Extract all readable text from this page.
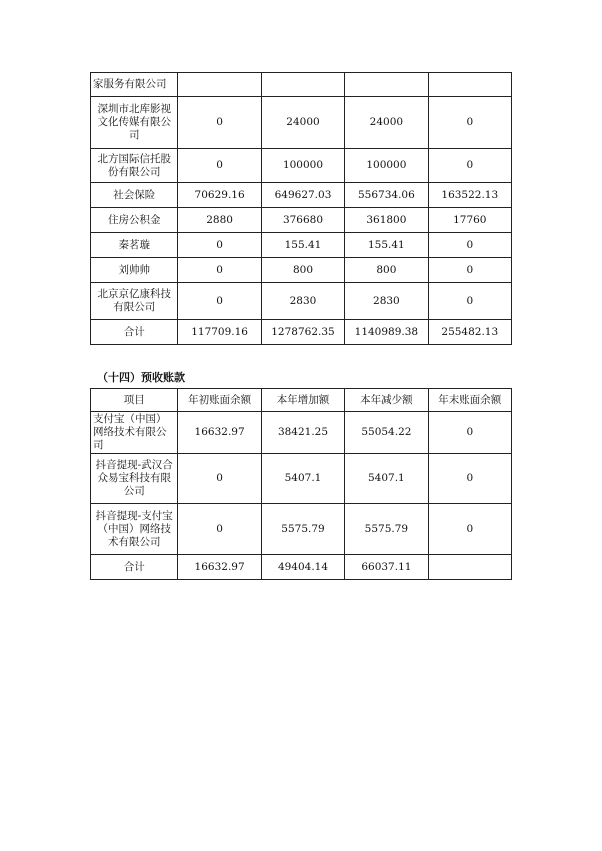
家服务有限公司				
深圳市北库影视文化传媒有限公司	0	24000	24000	0
北方国际信托股份有限公司	0	100000	100000	0
社会保险	70629.16	649627.03	556734.06	163522.13
住房公积金	2880	376680	361800	17760
秦茗璇	0	155.41	155.41	0
刘帅帅	0	800	800	0
北京京亿康科技有限公司	0	2830	2830	0
合计	117709.16	1278762.35	1140989.38	255482.13
（十四）预收账款
项目	年初账面余额	本年增加额	本年减少额	年末账面余额
支付宝（中国）网络技术有限公司	16632.97	38421.25	55054.22	0
抖音提现-武汉合众易宝科技有限公司	0	5407.1	5407.1	0
抖音提现-支付宝（中国）网络技术有限公司	0	5575.79	5575.79	0
合计	16632.97	49404.14	66037.11	
